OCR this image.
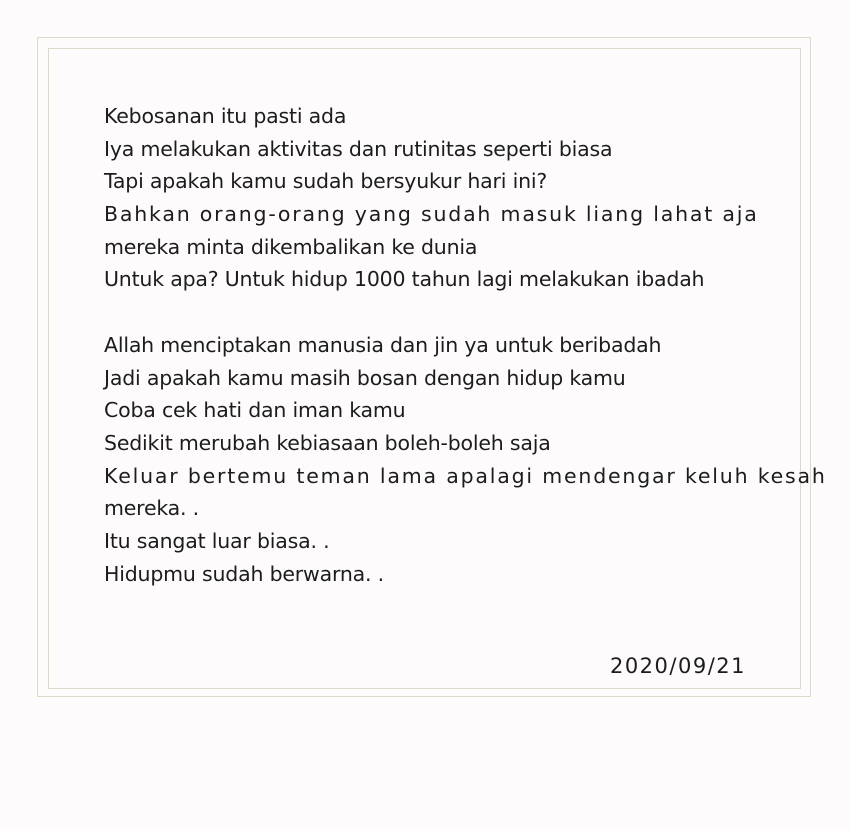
Kebosanan itu pasti ada
Iya melakukan aktivitas dan rutinitas seperti biasa
Tapi apakah kamu sudah bersyukur hari ini?
Bahkan orang-orang yang sudah masuk liang lahat aja
mereka minta dikembalikan ke dunia
Untuk apa? Untuk hidup 1000 tahun lagi melakukan ibadah
Allah menciptakan manusia dan jin ya untuk beribadah
Jadi apakah kamu masih bosan dengan hidup kamu
Coba cek hati dan iman kamu
Sedikit merubah kebiasaan boleh-boleh saja
Keluar bertemu teman lama apalagi mendengar keluh kesah
mereka. .
Itu sangat luar biasa. .
Hidupmu sudah berwarna. .
2020/09/21
